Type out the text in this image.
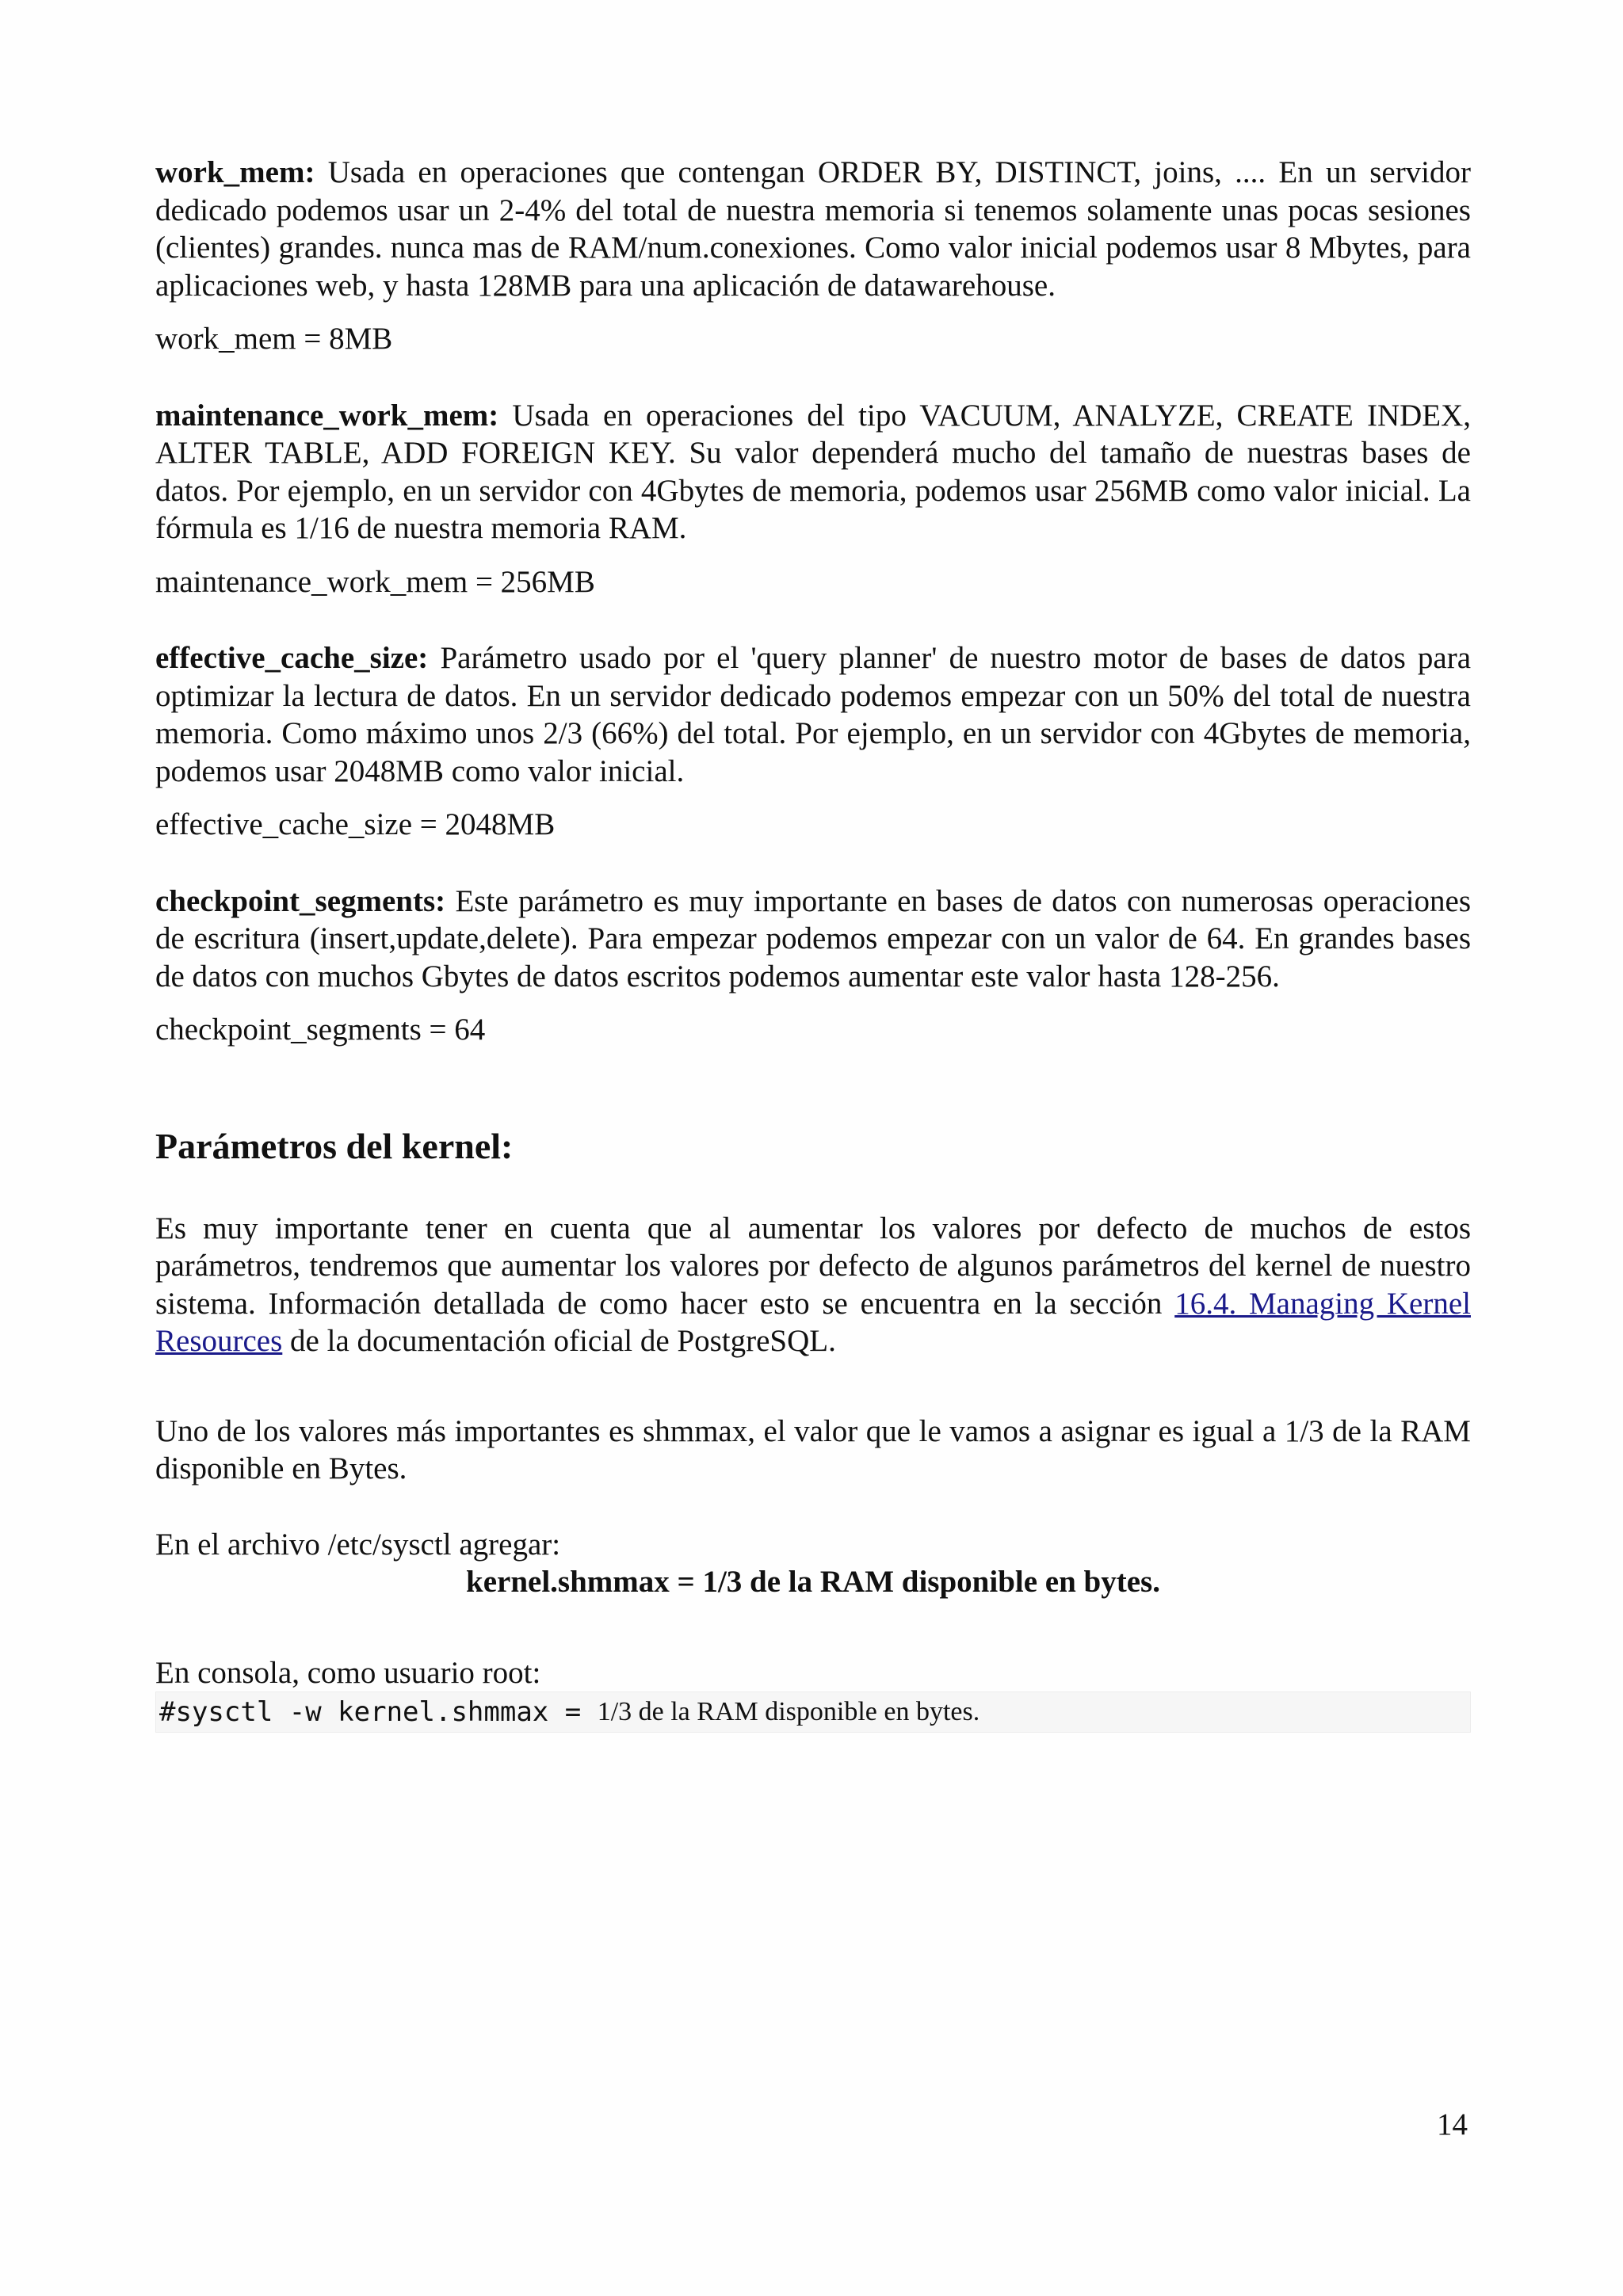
work_mem: Usada en operaciones que contengan ORDER BY, DISTINCT, joins, .... En un servidor dedicado podemos usar un 2-4% del total de nuestra memoria si tenemos solamente unas pocas sesiones (clientes) grandes. nunca mas de RAM/num.conexiones. Como valor inicial podemos usar 8 Mbytes, para aplicaciones web, y hasta 128MB para una aplicación de datawarehouse.

work_mem = 8MB

maintenance_work_mem: Usada en operaciones del tipo VACUUM, ANALYZE, CREATE INDEX, ALTER TABLE, ADD FOREIGN KEY. Su valor dependerá mucho del tamaño de nuestras bases de datos. Por ejemplo, en un servidor con 4Gbytes de memoria, podemos usar 256MB como valor inicial. La fórmula es 1/16 de nuestra memoria RAM.

maintenance_work_mem = 256MB

effective_cache_size: Parámetro usado por el 'query planner' de nuestro motor de bases de datos para optimizar la lectura de datos. En un servidor dedicado podemos empezar con un 50% del total de nuestra memoria. Como máximo unos 2/3 (66%) del total. Por ejemplo, en un servidor con 4Gbytes de memoria, podemos usar 2048MB como valor inicial.

effective_cache_size = 2048MB

checkpoint_segments: Este parámetro es muy importante en bases de datos con numerosas operaciones de escritura (insert,update,delete). Para empezar podemos empezar con un valor de 64. En grandes bases de datos con muchos Gbytes de datos escritos podemos aumentar este valor hasta 128-256.

checkpoint_segments = 64

Parámetros del kernel:

Es muy importante tener en cuenta que al aumentar los valores por defecto de muchos de estos parámetros, tendremos que aumentar los valores por defecto de algunos parámetros del kernel de nuestro sistema. Información detallada de como hacer esto se encuentra en la sección 16.4. Managing Kernel Resources de la documentación oficial de PostgreSQL.

Uno de los valores más importantes es shmmax, el valor que le vamos a asignar es igual a 1/3 de la RAM disponible en Bytes.

En el archivo /etc/sysctl agregar:

kernel.shmmax = 1/3 de la RAM disponible en bytes.

En consola, como usuario root:

#sysctl -w kernel.shmmax = 1/3 de la RAM disponible en bytes.
14
